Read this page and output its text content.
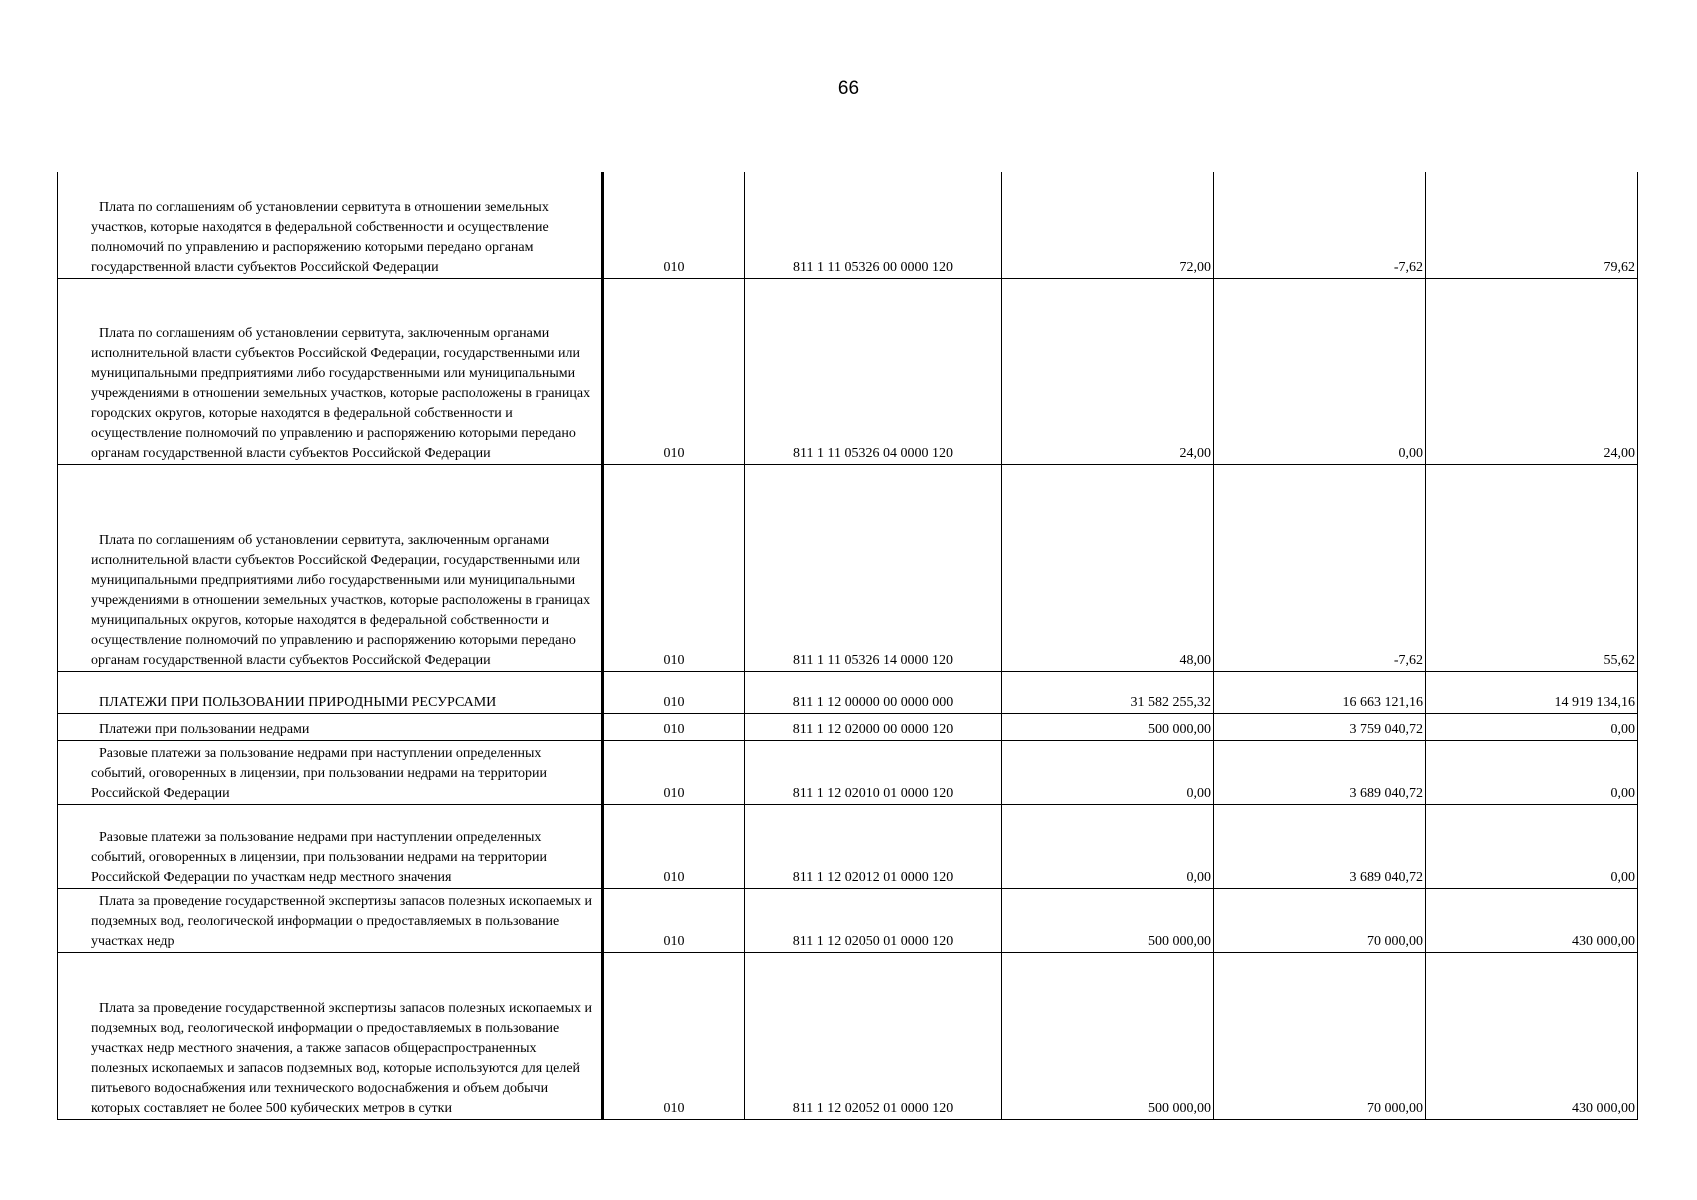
66
Плата по соглашениям об установлении сервитута в отношении земельных участков, которые находятся в федеральной собственности и осуществление полномочий по управлению и распоряжению которыми передано органам государственной власти субъектов Российской Федерации	010	811 1 11 05326 00 0000 120	72,00	-7,62	79,62
Плата по соглашениям об установлении сервитута, заключенным органами исполнительной власти субъектов Российской Федерации, государственными или муниципальными предприятиями либо государственными или муниципальными учреждениями в отношении земельных участков, которые расположены в границах городских округов, которые находятся в федеральной собственности и осуществление полномочий по управлению и распоряжению которыми передано органам государственной власти субъектов Российской Федерации	010	811 1 11 05326 04 0000 120	24,00	0,00	24,00
Плата по соглашениям об установлении сервитута, заключенным органами исполнительной власти субъектов Российской Федерации, государственными или муниципальными предприятиями либо государственными или муниципальными учреждениями в отношении земельных участков, которые расположены в границах муниципальных округов, которые находятся в федеральной собственности и осуществление полномочий по управлению и распоряжению которыми передано органам государственной власти субъектов Российской Федерации	010	811 1 11 05326 14 0000 120	48,00	-7,62	55,62
ПЛАТЕЖИ ПРИ ПОЛЬЗОВАНИИ ПРИРОДНЫМИ РЕСУРСАМИ	010	811 1 12 00000 00 0000 000	31 582 255,32	16 663 121,16	14 919 134,16
Платежи при пользовании недрами	010	811 1 12 02000 00 0000 120	500 000,00	3 759 040,72	0,00
Разовые платежи за пользование недрами при наступлении определенных событий, оговоренных в лицензии, при пользовании недрами на территории Российской Федерации	010	811 1 12 02010 01 0000 120	0,00	3 689 040,72	0,00
Разовые платежи за пользование недрами при наступлении определенных событий, оговоренных в лицензии, при пользовании недрами на территории Российской Федерации по участкам недр местного значения	010	811 1 12 02012 01 0000 120	0,00	3 689 040,72	0,00
Плата за проведение государственной экспертизы запасов полезных ископаемых и подземных вод, геологической информации о предоставляемых в пользование участках недр	010	811 1 12 02050 01 0000 120	500 000,00	70 000,00	430 000,00
Плата за проведение государственной экспертизы запасов полезных ископаемых и подземных вод, геологической информации о предоставляемых в пользование участках недр местного значения, а также запасов общераспространенных полезных ископаемых и запасов подземных вод, которые используются для целей питьевого водоснабжения или технического водоснабжения и объем добычи которых составляет не более 500 кубических метров в сутки	010	811 1 12 02052 01 0000 120	500 000,00	70 000,00	430 000,00
